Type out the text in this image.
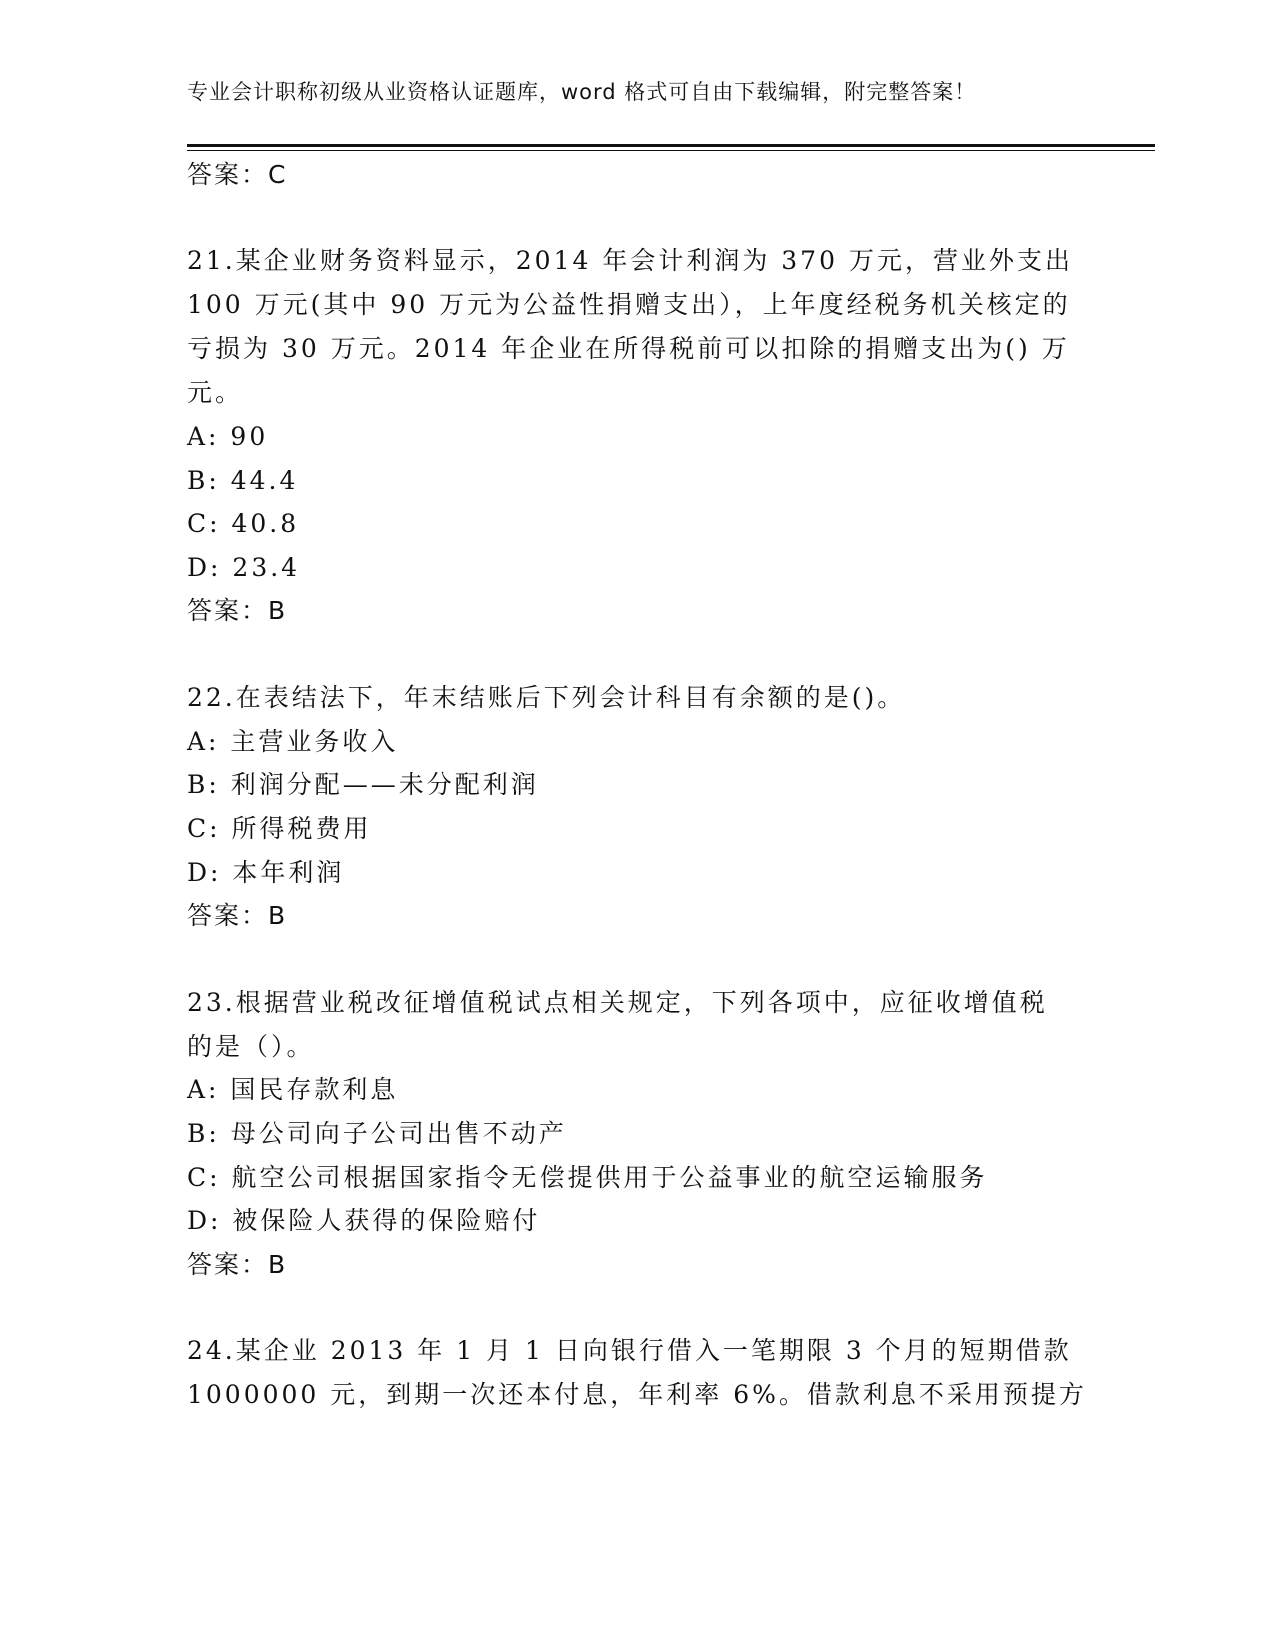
专业会计职称初级从业资格认证题库，word 格式可自由下载编辑，附完整答案！
答案：C
21.某企业财务资料显示，2014 年会计利润为 370 万元，营业外支出
100 万元(其中 90 万元为公益性捐赠支出），上年度经税务机关核定的
亏损为 30 万元。2014 年企业在所得税前可以扣除的捐赠支出为() 万
元。
A: 90
B: 44.4
C: 40.8
D: 23.4
答案：B
22.在表结法下，年末结账后下列会计科目有余额的是()。
A: 主营业务收入
B: 利润分配——未分配利润
C: 所得税费用
D: 本年利润
答案：B
23.根据营业税改征增值税试点相关规定，下列各项中，应征收增值税
的是（）。
A: 国民存款利息
B: 母公司向子公司出售不动产
C: 航空公司根据国家指令无偿提供用于公益事业的航空运输服务
D: 被保险人获得的保险赔付
答案：B
24.某企业 2013 年 1 月 1 日向银行借入一笔期限 3 个月的短期借款
1000000 元，到期一次还本付息，年利率 6%。借款利息不采用预提方
